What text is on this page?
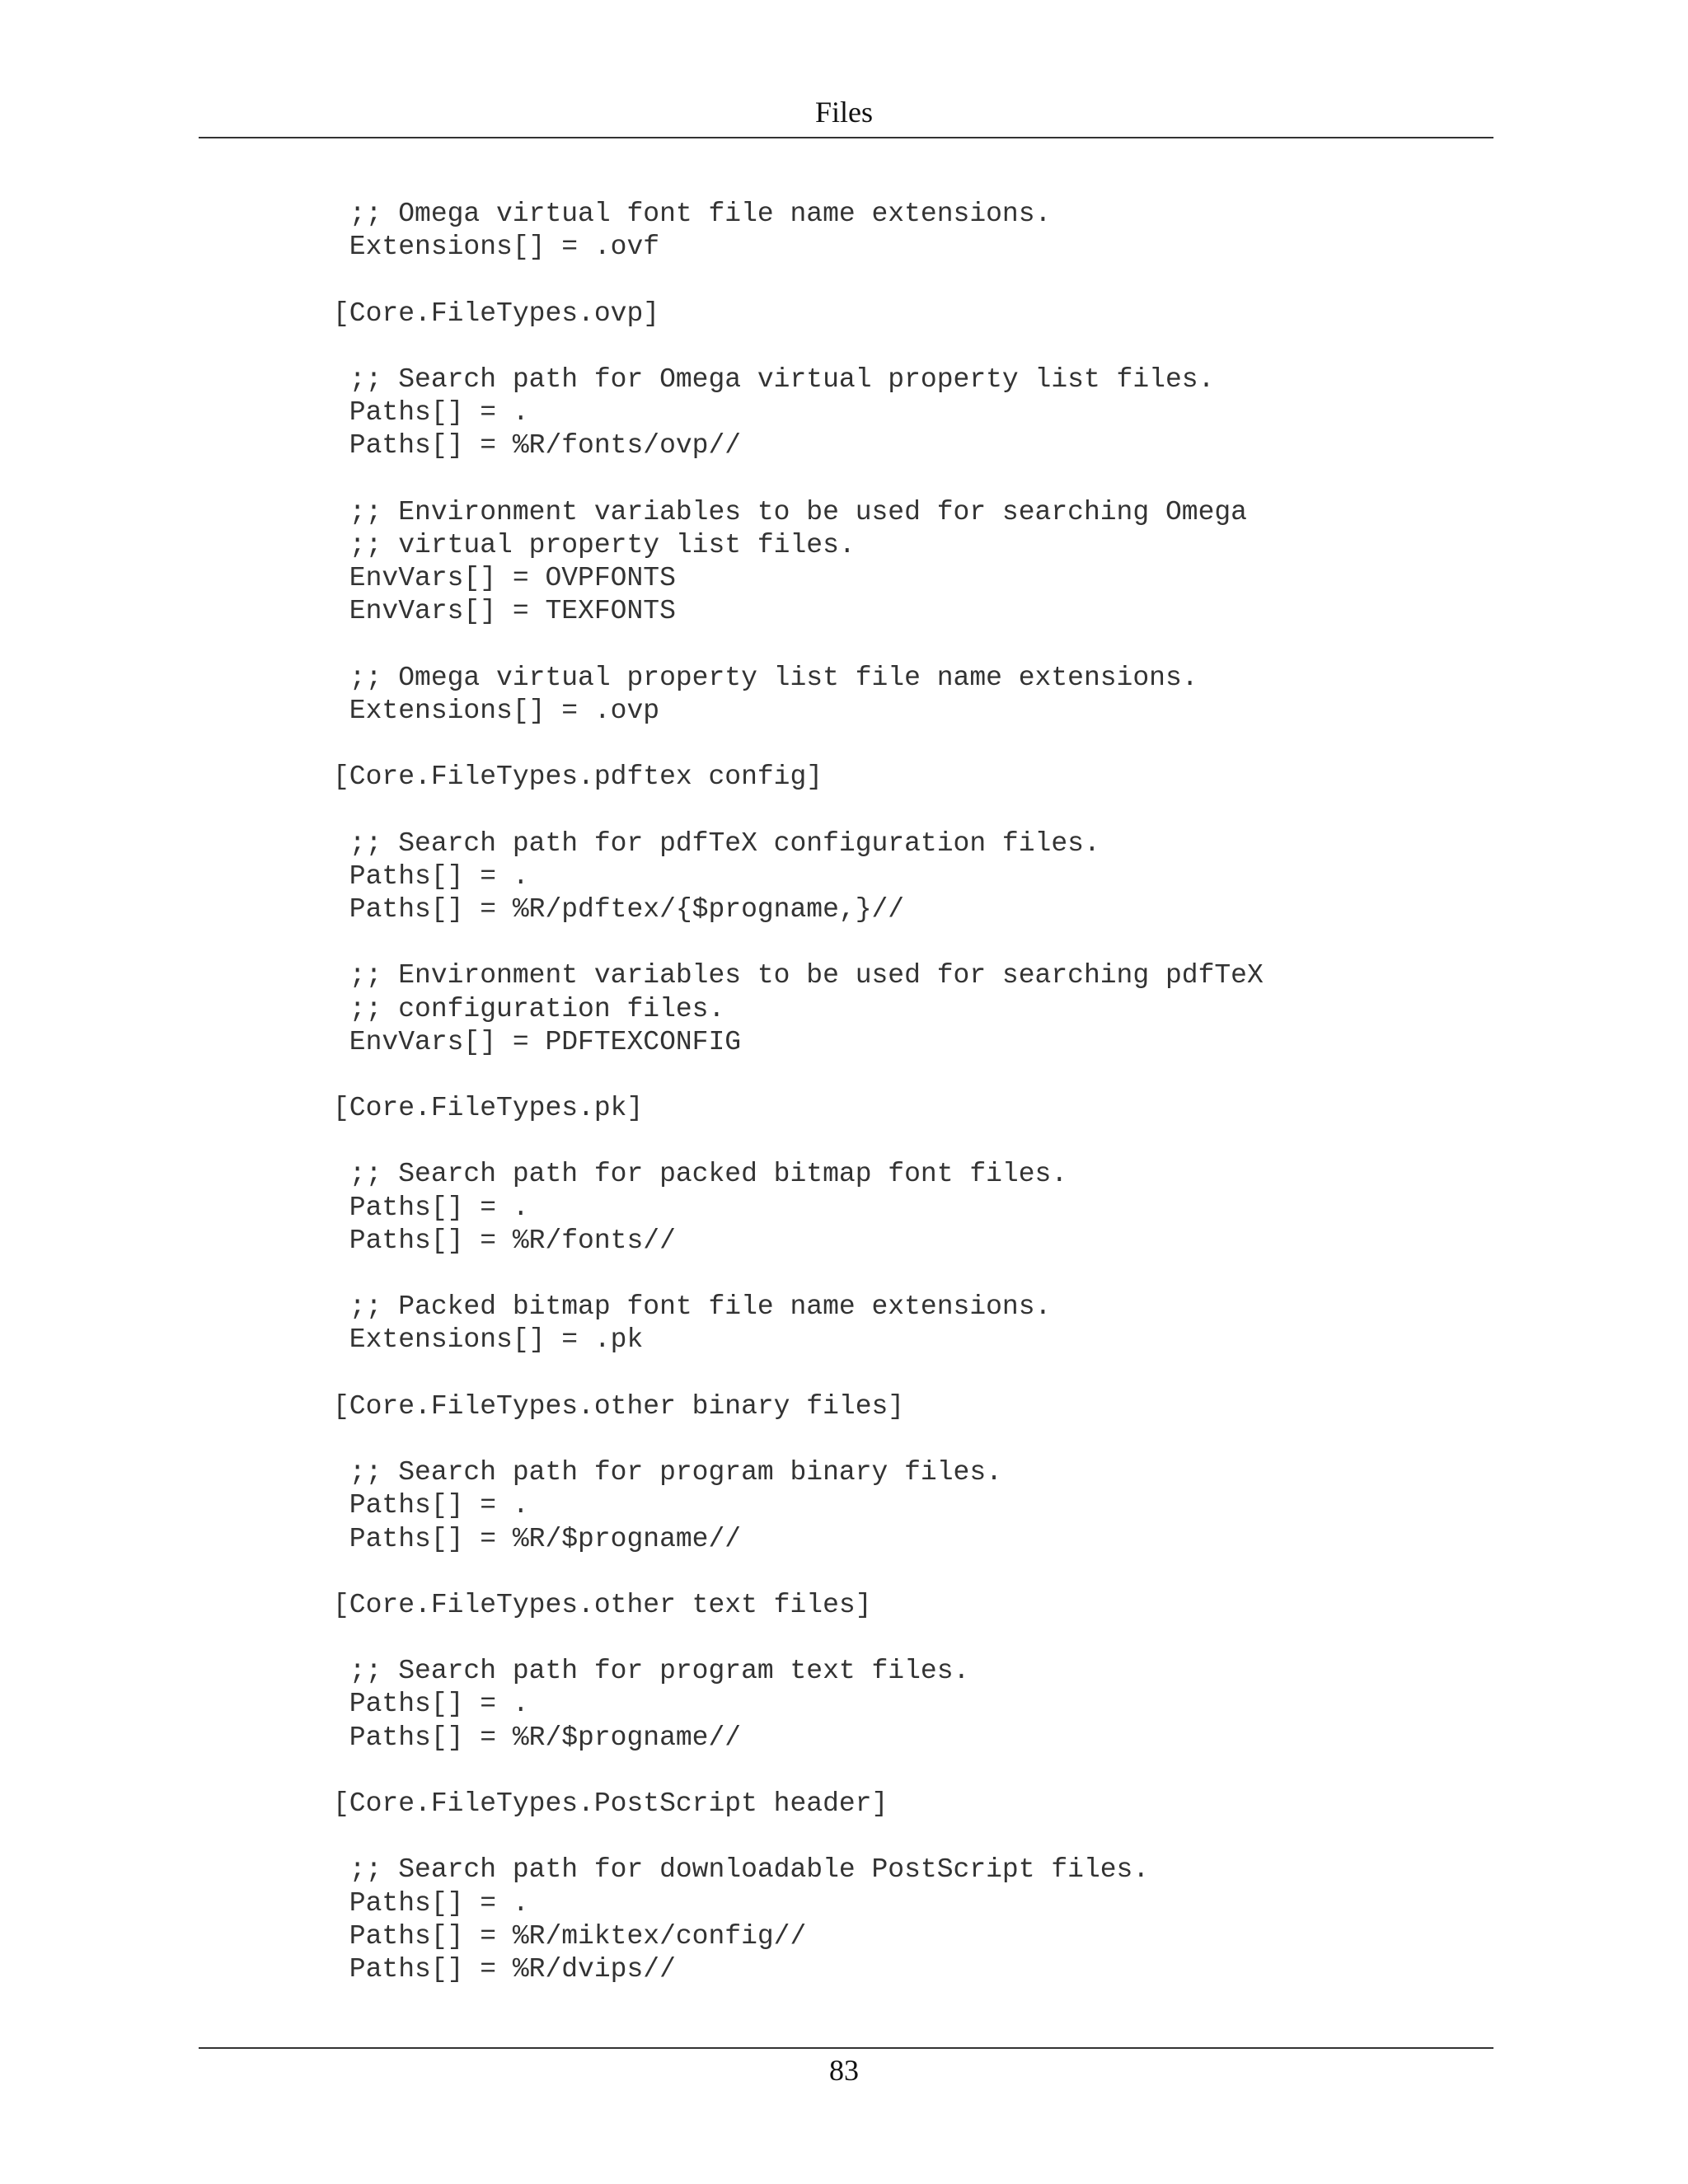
Files
;; Omega virtual font file name extensions.
Extensions[] = .ovf
[Core.FileTypes.ovp]
;; Search path for Omega virtual property list files.
Paths[] = .
Paths[] = %R/fonts/ovp//
;; Environment variables to be used for searching Omega
;; virtual property list files.
EnvVars[] = OVPFONTS
EnvVars[] = TEXFONTS
;; Omega virtual property list file name extensions.
Extensions[] = .ovp
[Core.FileTypes.pdftex config]
;; Search path for pdfTeX configuration files.
Paths[] = .
Paths[] = %R/pdftex/{$progname,}//
;; Environment variables to be used for searching pdfTeX
;; configuration files.
EnvVars[] = PDFTEXCONFIG
[Core.FileTypes.pk]
;; Search path for packed bitmap font files.
Paths[] = .
Paths[] = %R/fonts//
;; Packed bitmap font file name extensions.
Extensions[] = .pk
[Core.FileTypes.other binary files]
;; Search path for program binary files.
Paths[] = .
Paths[] = %R/$progname//
[Core.FileTypes.other text files]
;; Search path for program text files.
Paths[] = .
Paths[] = %R/$progname//
[Core.FileTypes.PostScript header]
;; Search path for downloadable PostScript files.
Paths[] = .
Paths[] = %R/miktex/config//
Paths[] = %R/dvips//
83
